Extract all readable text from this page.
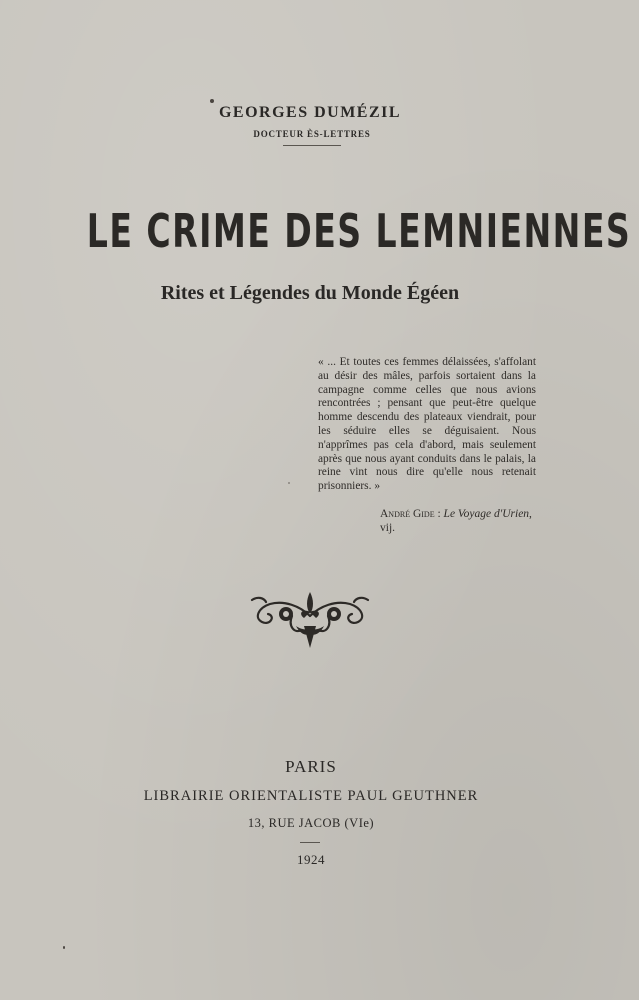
GEORGES DUMÉZIL
DOCTEUR ÈS-LETTRES
LE CRIME DES LEMNIENNES
Rites et Légendes du Monde Égéen

« ... Et toutes ces femmes délaissées, s'affolant au désir des mâles, parfois sortaient dans la campagne comme celles que nous avions rencontrées ; pensant que peut-être quelque homme descendu des plateaux viendrait, pour les séduire elles se déguisaient. Nous n'apprîmes pas cela d'abord, mais seulement après que nous ayant conduits dans le palais, la reine vint nous dire qu'elle nous retenait prisonniers. »

André Gide : Le Voyage d'Urien, vij.
PARIS
LIBRAIRIE ORIENTALISTE PAUL GEUTHNER
13, RUE JACOB (VIe)
1924
